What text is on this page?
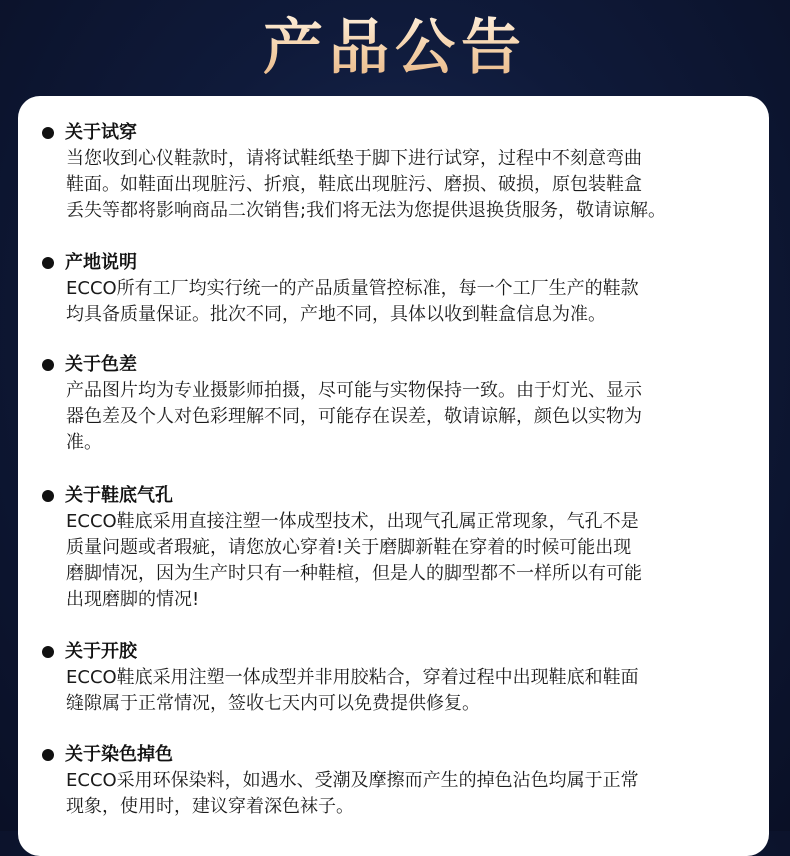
产品公告
关于试穿
当您收到心仪鞋款时，请将试鞋纸垫于脚下进行试穿，过程中不刻意弯曲
鞋面。如鞋面出现脏污、折痕，鞋底出现脏污、磨损、破损，原包装鞋盒
丢失等都将影响商品二次销售;我们将无法为您提供退换货服务，敬请谅解。
产地说明
ECCO所有工厂均实行统一的产品质量管控标准，每一个工厂生产的鞋款
均具备质量保证。批次不同，产地不同，具体以收到鞋盒信息为准。
关于色差
产品图片均为专业摄影师拍摄，尽可能与实物保持一致。由于灯光、显示
器色差及个人对色彩理解不同，可能存在误差，敬请谅解，颜色以实物为
准。
关于鞋底气孔
ECCO鞋底采用直接注塑一体成型技术，出现气孔属正常现象，气孔不是
质量问题或者瑕疵，请您放心穿着!关于磨脚新鞋在穿着的时候可能出现
磨脚情况，因为生产时只有一种鞋楦，但是人的脚型都不一样所以有可能
出现磨脚的情况!
关于开胶
ECCO鞋底采用注塑一体成型并非用胶粘合，穿着过程中出现鞋底和鞋面
缝隙属于正常情况，签收七天内可以免费提供修复。
关于染色掉色
ECCO采用环保染料，如遇水、受潮及摩擦而产生的掉色沾色均属于正常
现象，使用时，建议穿着深色袜子。
